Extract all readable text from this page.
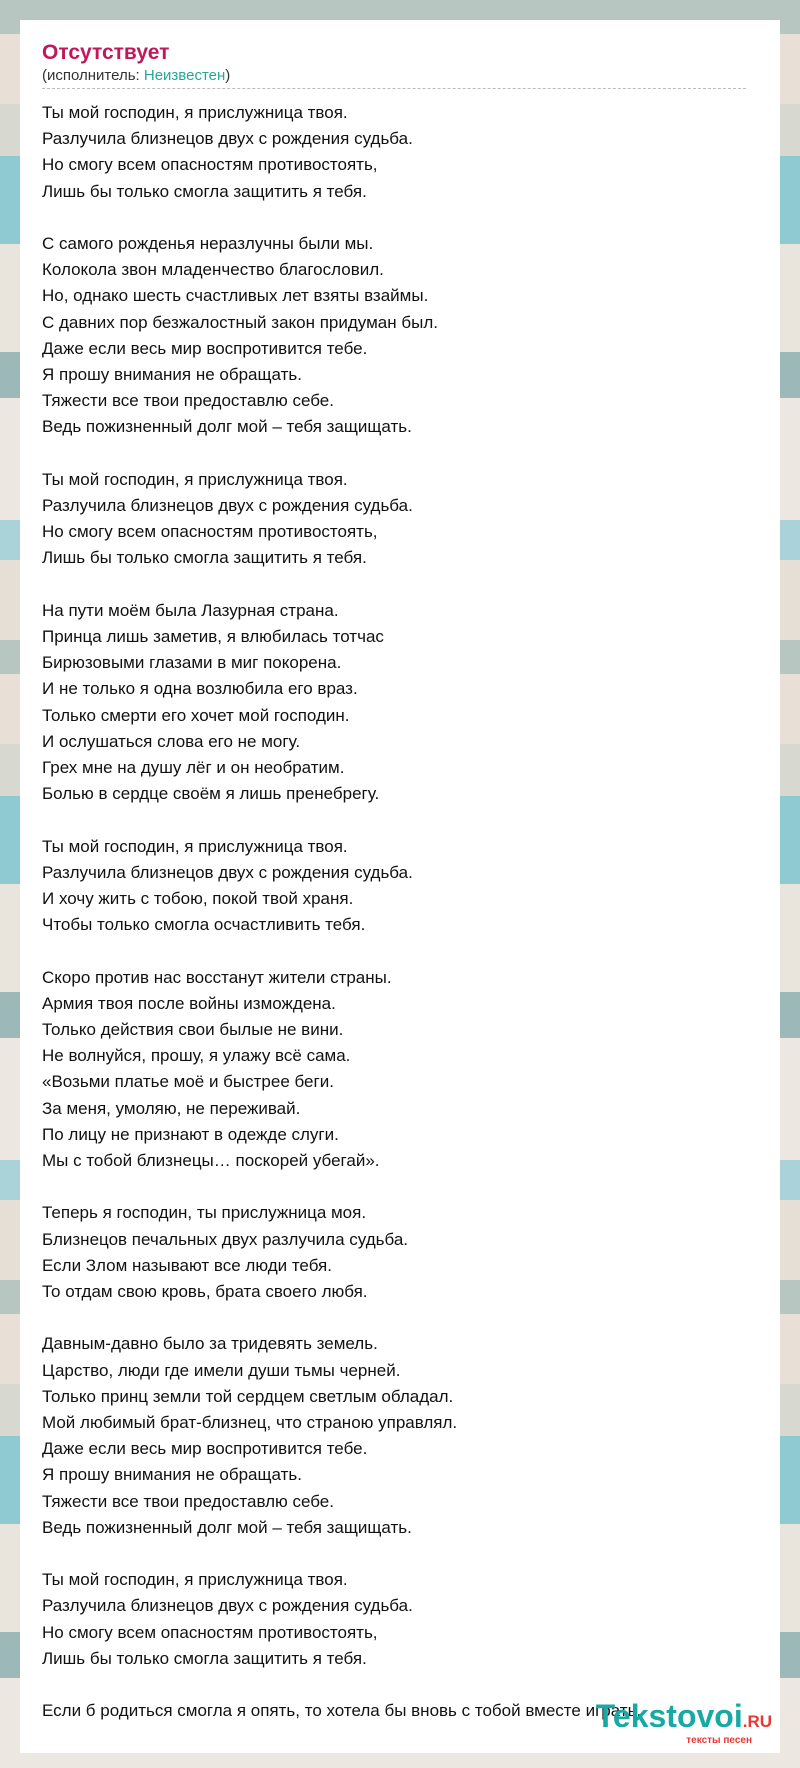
Отсутствует
(исполнитель: Неизвестен)
Ты мой господин, я прислужница твоя.
Разлучила близнецов двух с рождения судьба.
Но смогу всем опасностям противостоять,
Лишь бы только смогла защитить я тебя.
С самого рожденья неразлучны были мы.
Колокола звон младенчество благословил.
Но, однако шесть счастливых лет взяты взаймы.
С давних пор безжалостный закон придуман был.
Даже если весь мир воспротивится тебе.
Я прошу внимания не обращать.
Тяжести все твои предоставлю себе.
Ведь пожизненный долг мой – тебя защищать.
Ты мой господин, я прислужница твоя.
Разлучила близнецов двух с рождения судьба.
Но смогу всем опасностям противостоять,
Лишь бы только смогла защитить я тебя.
На пути моём была Лазурная страна.
Принца лишь заметив, я влюбилась тотчас
Бирюзовыми глазами в миг покорена.
И не только я одна возлюбила его враз.
Только смерти его хочет мой господин.
И ослушаться слова его не могу.
Грех мне на душу лёг и он необратим.
Болью в сердце своём я лишь пренебрегу.
Ты мой господин, я прислужница твоя.
Разлучила близнецов двух с рождения судьба.
И хочу жить с тобою, покой твой храня.
Чтобы только смогла осчастливить тебя.
Скоро против нас восстанут жители страны.
Армия твоя после войны измождена.
Только действия свои былые не вини.
Не волнуйся, прошу, я улажу всё сама.
«Возьми платье моё и быстрее беги.
За меня, умоляю, не переживай.
По лицу не признают в одежде слуги.
Мы с тобой близнецы… поскорей убегай».
Теперь я господин, ты прислужница моя.
Близнецов печальных двух разлучила судьба.
Если Злом называют все люди тебя.
То отдам свою кровь, брата своего любя.
Давным-давно было за тридевять земель.
Царство, люди где имели души тьмы черней.
Только принц земли той сердцем светлым обладал.
Мой любимый брат-близнец, что страною управлял.
Даже если весь мир воспротивится тебе.
Я прошу внимания не обращать.
Тяжести все твои предоставлю себе.
Ведь пожизненный долг мой – тебя защищать.
Ты мой господин, я прислужница твоя.
Разлучила близнецов двух с рождения судьба.
Но смогу всем опасностям противостоять,
Лишь бы только смогла защитить я тебя.
Если б родиться смогла я опять, то хотела бы вновь с тобой вместе играть.
Tekstovoi.RU
тексты песен
